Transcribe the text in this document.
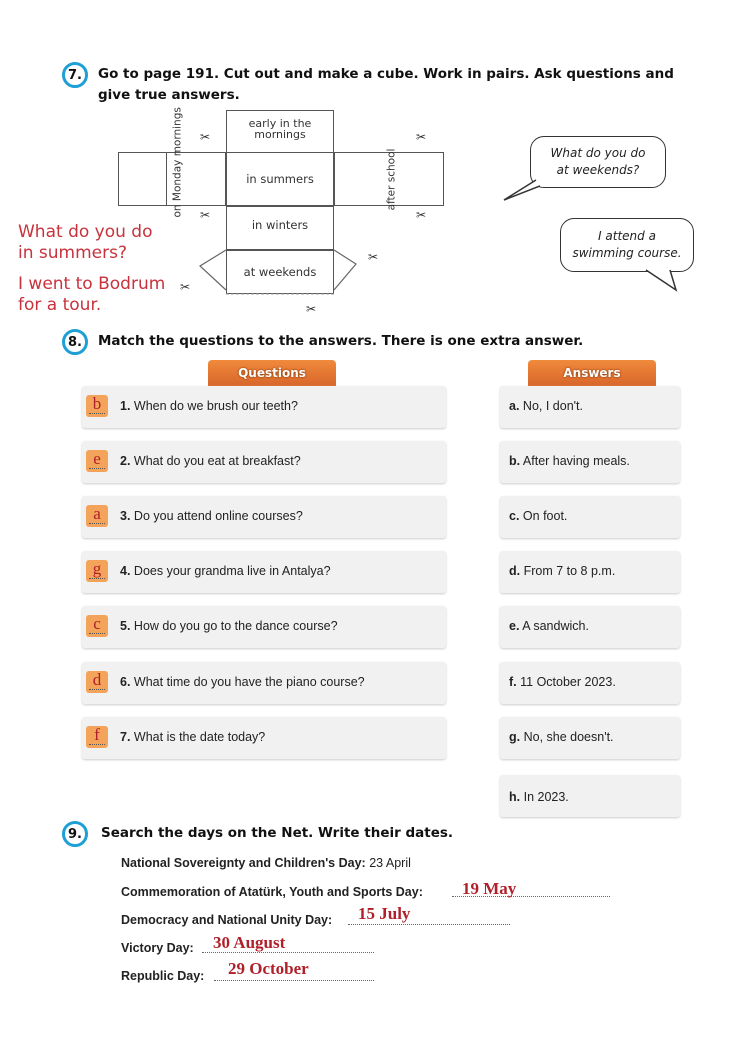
7. Go to page 191. Cut out and make a cube. Work in pairs. Ask questions and give true answers.
early in the mornings
on Monday mornings	in summers	after school
in winters
at weekends
✂	✂
✂	✂
✂
✂
✂
What do you do in summers?
I went to Bodrum for a tour.
What do you do at weekends?
I attend a swimming course.
8. Match the questions to the answers. There is one extra answer.
Questions	Answers
b	1. When do we brush our teeth?
e	2. What do you eat at breakfast?
a	3. Do you attend online courses?
g	4. Does your grandma live in Antalya?
c	5. How do you go to the dance course?
d	6. What time do you have the piano course?
f	7. What is the date today?
a. No, I don't.
b. After having meals.
c. On foot.
d. From 7 to 8 p.m.
e. A sandwich.
f. 11 October 2023.
g. No, she doesn't.
h. In 2023.
9. Search the days on the Net. Write their dates.
National Sovereignty and Children's Day: 23 April
Commemoration of Atatürk, Youth and Sports Day: 19 May
Democracy and National Unity Day: 15 July
Victory Day: 30 August
Republic Day: 29 October
